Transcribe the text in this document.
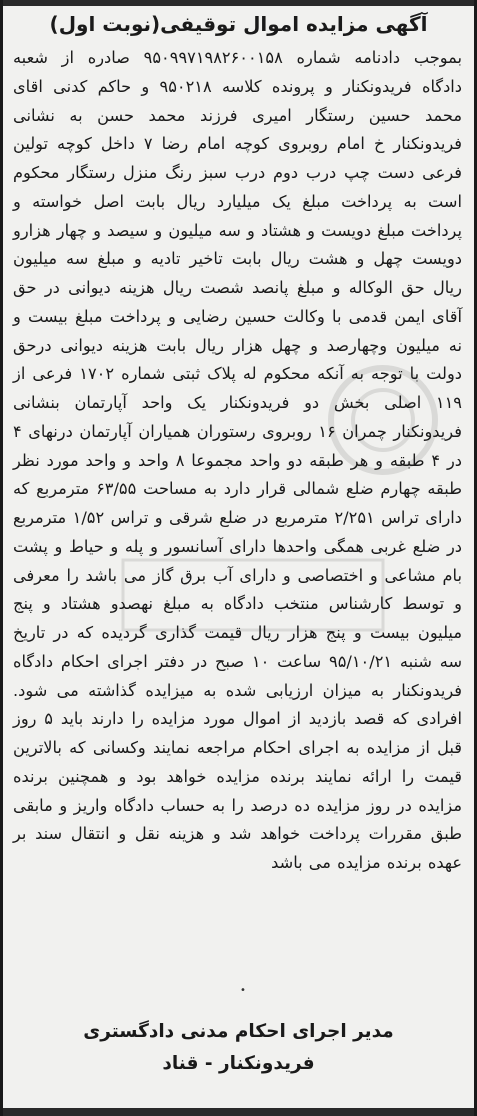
آگهی مزایده اموال توقیفی(نوبت اول)

بموجب دادنامه شماره ۹۵۰۹۹۷۱۹۸۲۶۰۰۱۵۸ صادره از شعبه دادگاه فریدونکنار و پرونده کلاسه ۹۵۰۲۱۸ و حاکم کدنی اقای محمد حسین رستگار امیری فرزند محمد حسن به نشانی فریدونکنار خ امام روبروی کوچه امام رضا ۷ داخل کوچه تولین فرعی دست چپ درب دوم درب سبز رنگ منزل رستگار محکوم است به پرداخت مبلغ یک میلیارد ریال بابت اصل خواسته و پرداخت مبلغ دویست و هشتاد و سه میلیون و سیصد و چهار هزارو دویست چهل و هشت ریال بابت تاخیر تادیه و مبلغ سه میلیون ریال حق الوکاله و مبلغ پانصد شصت ریال هزینه دیوانی در حق آقای ایمن قدمی با وکالت حسین رضایی و پرداخت مبلغ بیست و نه میلیون وچهارصد و چهل هزار ریال بابت هزینه دیوانی درحق دولت با توجه به آنکه محکوم له پلاک ثبتی شماره ۱۷۰۲ فرعی از ۱۱۹ اصلی بخش دو فریدونکنار یک واحد آپارتمان بنشانی فریدونکنار چمران ۱۶ روبروی رستوران همیاران آپارتمان درنهای ۴ در ۴ طبقه و هر طبقه دو واحد مجموعا ۸ واحد و واحد مورد نظر طبقه چهارم ضلع شمالی قرار دارد به مساحت ۶۳/۵۵ مترمربع که دارای تراس ۲/۲۵۱ مترمربع در ضلع شرقی و تراس ۱/۵۲ مترمربع در ضلع غربی همگی واحدها دارای آسانسور و پله و حیاط و پشت بام مشاعی و اختصاصی و دارای آب برق گاز می باشد را معرفی و توسط کارشناس منتخب دادگاه به مبلغ نهصدو هشتاد و پنج میلیون بیست و پنج هزار ریال قیمت گذاری گردیده که در تاریخ سه شنبه ۹۵/۱۰/۲۱ ساعت ۱۰ صبح در دفتر اجرای احکام دادگاه فریدونکنار به میزان ارزیابی شده به میزایده گذاشته می شود. افرادی که قصد بازدید از اموال مورد مزایده را دارند باید ۵ روز قبل از مزایده به اجرای احکام مراجعه نمایند وکسانی که بالاترین قیمت را ارائه نمایند برنده مزایده خواهد بود و همچنین برنده مزایده در روز مزایده ده درصد را به حساب دادگاه واریز و مابقی طبق مقررات پرداخت خواهد شد و هزینه نقل و انتقال سند بر عهده برنده مزایده می باشد

•
مدیر اجرای احکام مدنی دادگستری
فریدونکنار - قناد
